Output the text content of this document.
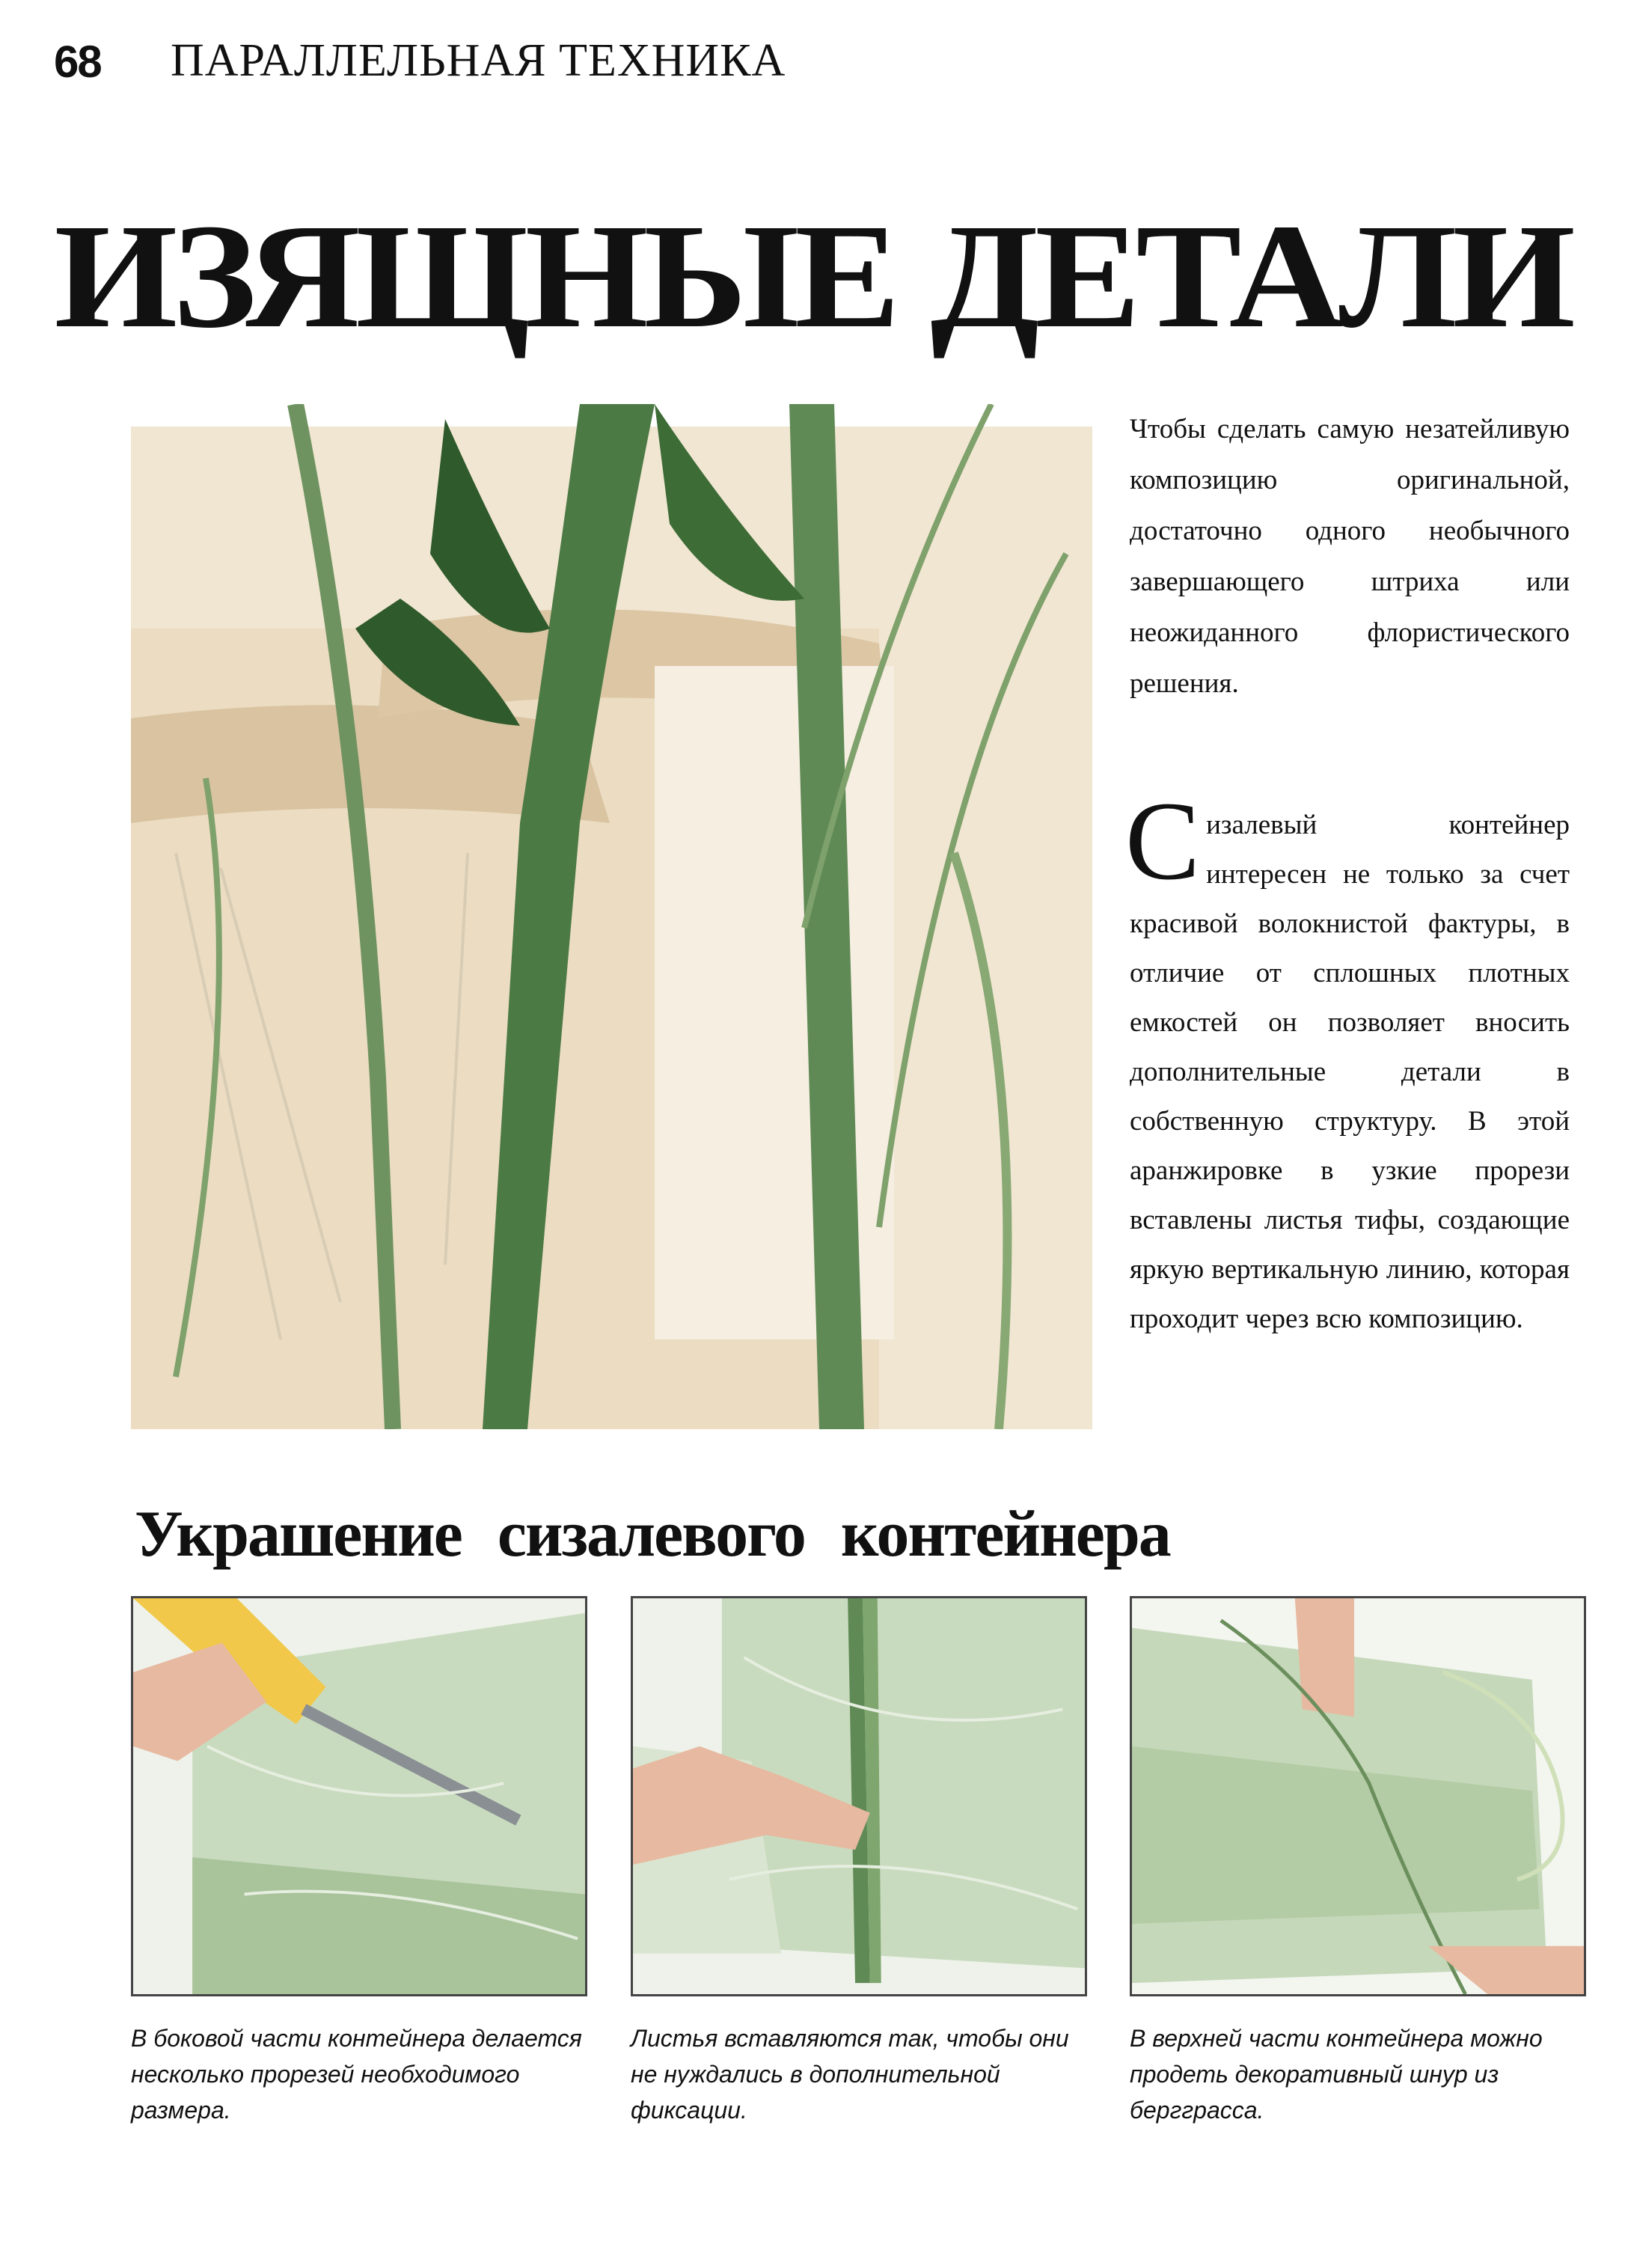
68 ПАРАЛЛЕЛЬНАЯ ТЕХНИКА
ИЗЯЩНЫЕ ДЕТАЛИ
Чтобы сделать самую незатейливую композицию оригинальной, достаточно одного необычного завершающего штриха или неожиданного флористического решения.
Сизалевый контейнер интересен не только за счет красивой волокнистой фактуры, в отличие от сплошных плотных емкостей он позволяет вносить дополнительные детали в собственную структуру. В этой аранжировке в узкие прорези вставлены листья тифы, создающие яркую вертикальную линию, которая проходит через всю композицию.
Украшение сизалевого контейнера
В боковой части контейнера делается несколько прорезей необходимого размера.
Листья вставляются так, чтобы они не нуждались в дополнительной фиксации.
В верхней части контейнера можно продеть декоративный шнур из бергграсса.
